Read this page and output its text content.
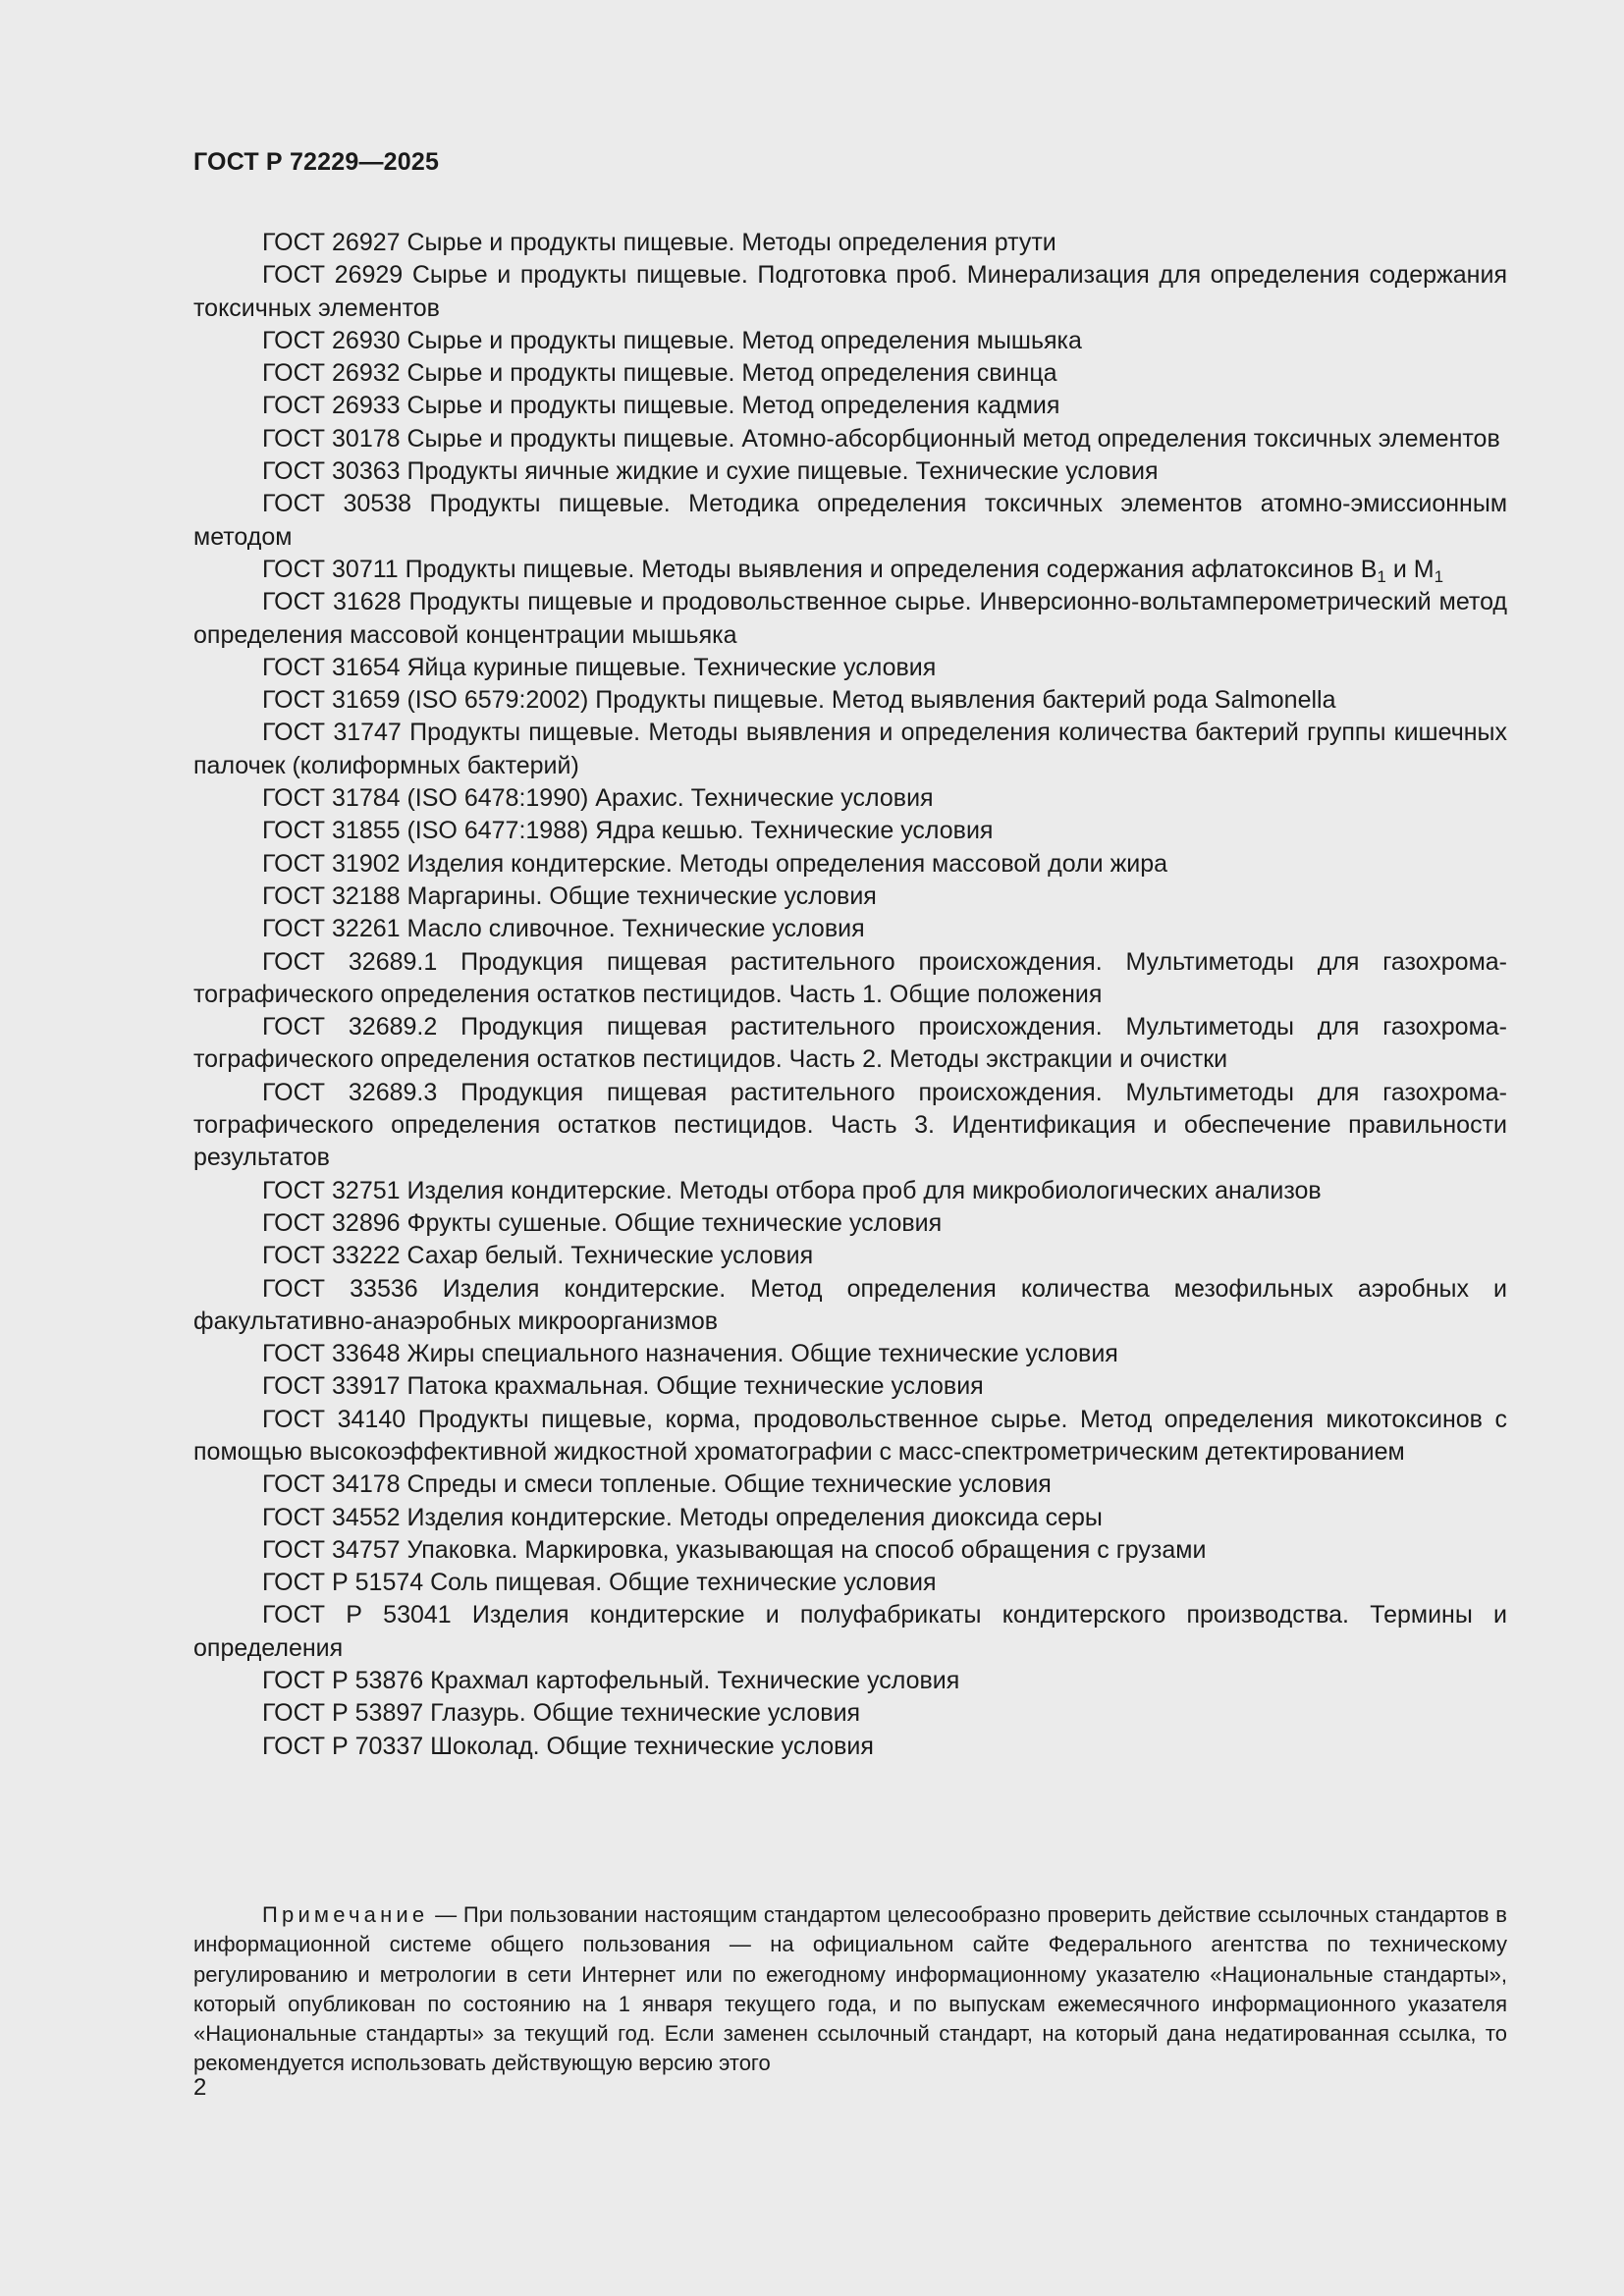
ГОСТ Р 72229—2025
ГОСТ 26927 Сырье и продукты пищевые. Методы определения ртути
ГОСТ 26929 Сырье и продукты пищевые. Подготовка проб. Минерализация для определения содержания токсичных элементов
ГОСТ 26930 Сырье и продукты пищевые. Метод определения мышьяка
ГОСТ 26932 Сырье и продукты пищевые. Метод определения свинца
ГОСТ 26933 Сырье и продукты пищевые. Метод определения кадмия
ГОСТ 30178 Сырье и продукты пищевые. Атомно-абсорбционный метод определения токсичных элементов
ГОСТ 30363 Продукты яичные жидкие и сухие пищевые. Технические условия
ГОСТ 30538 Продукты пищевые. Методика определения токсичных элементов атомно-эмиссионным методом
ГОСТ 30711 Продукты пищевые. Методы выявления и определения содержания афлатоксинов $B_1$ и $M_1$
ГОСТ 31628 Продукты пищевые и продовольственное сырье. Инверсионно-вольтамперометрический метод определения массовой концентрации мышьяка
ГОСТ 31654 Яйца куриные пищевые. Технические условия
ГОСТ 31659 (ISO 6579:2002) Продукты пищевые. Метод выявления бактерий рода Salmonella
ГОСТ 31747 Продукты пищевые. Методы выявления и определения количества бактерий группы кишечных палочек (колиформных бактерий)
ГОСТ 31784 (ISO 6478:1990) Арахис. Технические условия
ГОСТ 31855 (ISO 6477:1988) Ядра кешью. Технические условия
ГОСТ 31902 Изделия кондитерские. Методы определения массовой доли жира
ГОСТ 32188 Маргарины. Общие технические условия
ГОСТ 32261 Масло сливочное. Технические условия
ГОСТ 32689.1 Продукция пищевая растительного происхождения. Мультиметоды для газохроматографического определения остатков пестицидов. Часть 1. Общие положения
ГОСТ 32689.2 Продукция пищевая растительного происхождения. Мультиметоды для газохроматографического определения остатков пестицидов. Часть 2. Методы экстракции и очистки
ГОСТ 32689.3 Продукция пищевая растительного происхождения. Мультиметоды для газохроматографического определения остатков пестицидов. Часть 3. Идентификация и обеспечение правильности результатов
ГОСТ 32751 Изделия кондитерские. Методы отбора проб для микробиологических анализов
ГОСТ 32896 Фрукты сушеные. Общие технические условия
ГОСТ 33222 Сахар белый. Технические условия
ГОСТ 33536 Изделия кондитерские. Метод определения количества мезофильных аэробных и факультативно-анаэробных микроорганизмов
ГОСТ 33648 Жиры специального назначения. Общие технические условия
ГОСТ 33917 Патока крахмальная. Общие технические условия
ГОСТ 34140 Продукты пищевые, корма, продовольственное сырье. Метод определения микотоксинов с помощью высокоэффективной жидкостной хроматографии с масс-спектрометрическим детектированием
ГОСТ 34178 Спреды и смеси топленые. Общие технические условия
ГОСТ 34552 Изделия кондитерские. Методы определения диоксида серы
ГОСТ 34757 Упаковка. Маркировка, указывающая на способ обращения с грузами
ГОСТ Р 51574 Соль пищевая. Общие технические условия
ГОСТ Р 53041 Изделия кондитерские и полуфабрикаты кондитерского производства. Термины и определения
ГОСТ Р 53876 Крахмал картофельный. Технические условия
ГОСТ Р 53897 Глазурь. Общие технические условия
ГОСТ Р 70337 Шоколад. Общие технические условия

Примечание — При пользовании настоящим стандартом целесообразно проверить действие ссылочных стандартов в информационной системе общего пользования — на официальном сайте Федерального агентства по техническому регулированию и метрологии в сети Интернет или по ежегодному информационному указателю «Национальные стандарты», который опубликован по состоянию на 1 января текущего года, и по выпускам ежемесячного информационного указателя «Национальные стандарты» за текущий год. Если заменен ссылочный стандарт, на который дана недатированная ссылка, то рекомендуется использовать действующую версию этого

2
